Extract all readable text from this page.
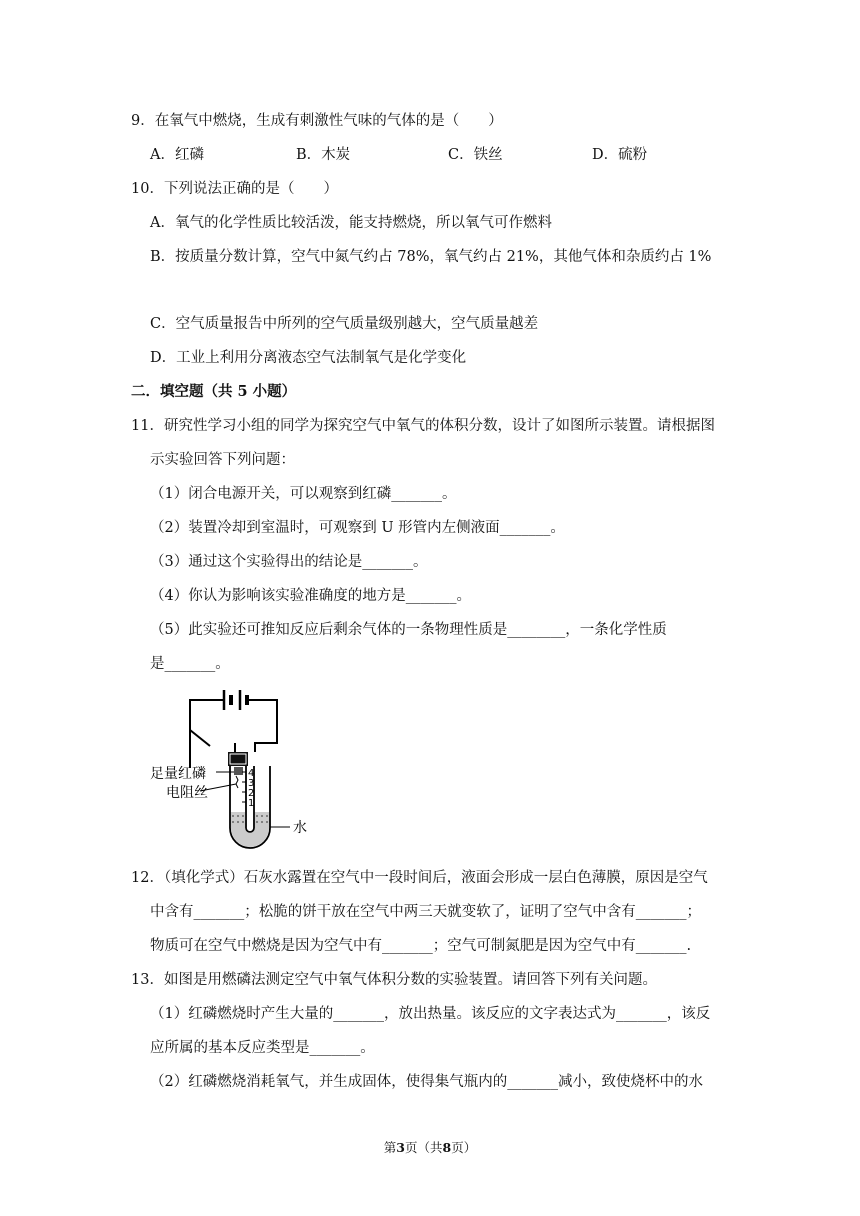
9．在氧气中燃烧，生成有刺激性气味的气体的是（　　）
A．红磷	B．木炭	C．铁丝	D．硫粉
10．下列说法正确的是（　　）
A．氧气的化学性质比较活泼，能支持燃烧，所以氧气可作燃料
B．按质量分数计算，空气中氮气约占 78%，氧气约占 21%，其他气体和杂质约占 1%
C．空气质量报告中所列的空气质量级别越大，空气质量越差
D．工业上利用分离液态空气法制氧气是化学变化
二．填空题（共 5 小题）
11．研究性学习小组的同学为探究空气中氧气的体积分数，设计了如图所示装置。请根据图
示实验回答下列问题：
（1）闭合电源开关，可以观察到红磷_______。
（2）装置冷却到室温时，可观察到 U 形管内左侧液面_______。
（3）通过这个实验得出的结论是_______。
（4）你认为影响该实验准确度的地方是_______。
（5）此实验还可推知反应后剩余气体的一条物理性质是________，一条化学性质
是_______。
4
3
2
1
足量红磷
电阻丝
水
12．（填化学式）石灰水露置在空气中一段时间后，液面会形成一层白色薄膜，原因是空气
中含有_______；松脆的饼干放在空气中两三天就变软了，证明了空气中含有_______；
物质可在空气中燃烧是因为空气中有_______；空气可制氮肥是因为空气中有_______.
13．如图是用燃磷法测定空气中氧气体积分数的实验装置。请回答下列有关问题。
（1）红磷燃烧时产生大量的_______，放出热量。该反应的文字表达式为_______，该反
应所属的基本反应类型是_______。
（2）红磷燃烧消耗氧气，并生成固体，使得集气瓶内的_______减小，致使烧杯中的水
第3页（共8页）
